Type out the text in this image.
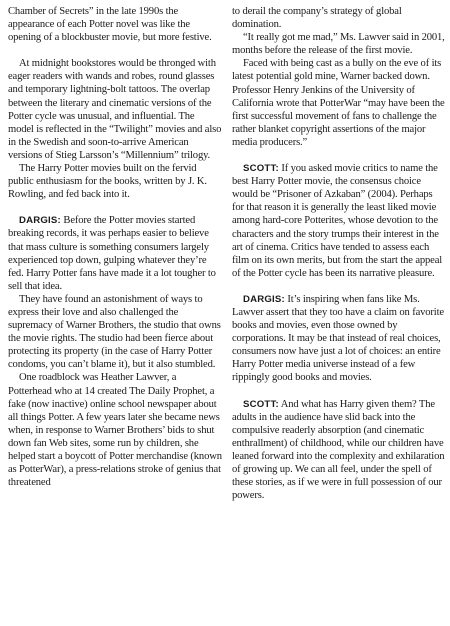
Chamber of Secrets” in the late 1990s the appearance of each Potter novel was like the opening of a blockbuster movie, but more festive.

At midnight bookstores would be thronged with eager readers with wands and robes, round glasses and temporary lightning-bolt tattoos. The overlap between the literary and cinematic versions of the Potter cycle was unusual, and influential. The model is reflected in the “Twilight” movies and also in the Swedish and soon-to-arrive American versions of Stieg Larsson’s “Millennium” trilogy.

The Harry Potter movies built on the fervid public enthusiasm for the books, written by J. K. Rowling, and fed back into it.

DARGIS: Before the Potter movies started breaking records, it was perhaps easier to believe that mass culture is something consumers largely experienced top down, gulping whatever they’re fed. Harry Potter fans have made it a lot tougher to sell that idea.

They have found an astonishment of ways to express their love and also challenged the supremacy of Warner Brothers, the studio that owns the movie rights. The studio had been fierce about protecting its property (in the case of Harry Potter condoms, you can’t blame it), but it also stumbled.

One roadblock was Heather Lawver, a Potterhead who at 14 created The Daily Prophet, a fake (now inactive) online school newspaper about all things Potter. A few years later she became news when, in response to Warner Brothers’ bids to shut down fan Web sites, some run by children, she helped start a boycott of Potter merchandise (known as PotterWar), a press-relations stroke of genius that threatened

to derail the company’s strategy of global domination.

“It really got me mad,” Ms. Lawver said in 2001, months before the release of the first movie.

Faced with being cast as a bully on the eve of its latest potential gold mine, Warner backed down. Professor Henry Jenkins of the University of California wrote that PotterWar “may have been the first successful movement of fans to challenge the rather blanket copyright assertions of the major media producers.”

SCOTT: If you asked movie critics to name the best Harry Potter movie, the consensus choice would be “Prisoner of Azkaban” (2004). Perhaps for that reason it is generally the least liked movie among hard-core Potterites, whose devotion to the characters and the story trumps their interest in the art of cinema. Critics have tended to assess each film on its own merits, but from the start the appeal of the Potter cycle has been its narrative pleasure.

DARGIS: It’s inspiring when fans like Ms. Lawver assert that they too have a claim on favorite books and movies, even those owned by corporations. It may be that instead of real choices, consumers now have just a lot of choices: an entire Harry Potter media universe instead of a few rippingly good books and movies.

SCOTT: And what has Harry given them? The adults in the audience have slid back into the compulsive readerly absorption (and cinematic enthrallment) of childhood, while our children have leaned forward into the complexity and exhilaration of growing up. We can all feel, under the spell of these stories, as if we were in full possession of our powers.
